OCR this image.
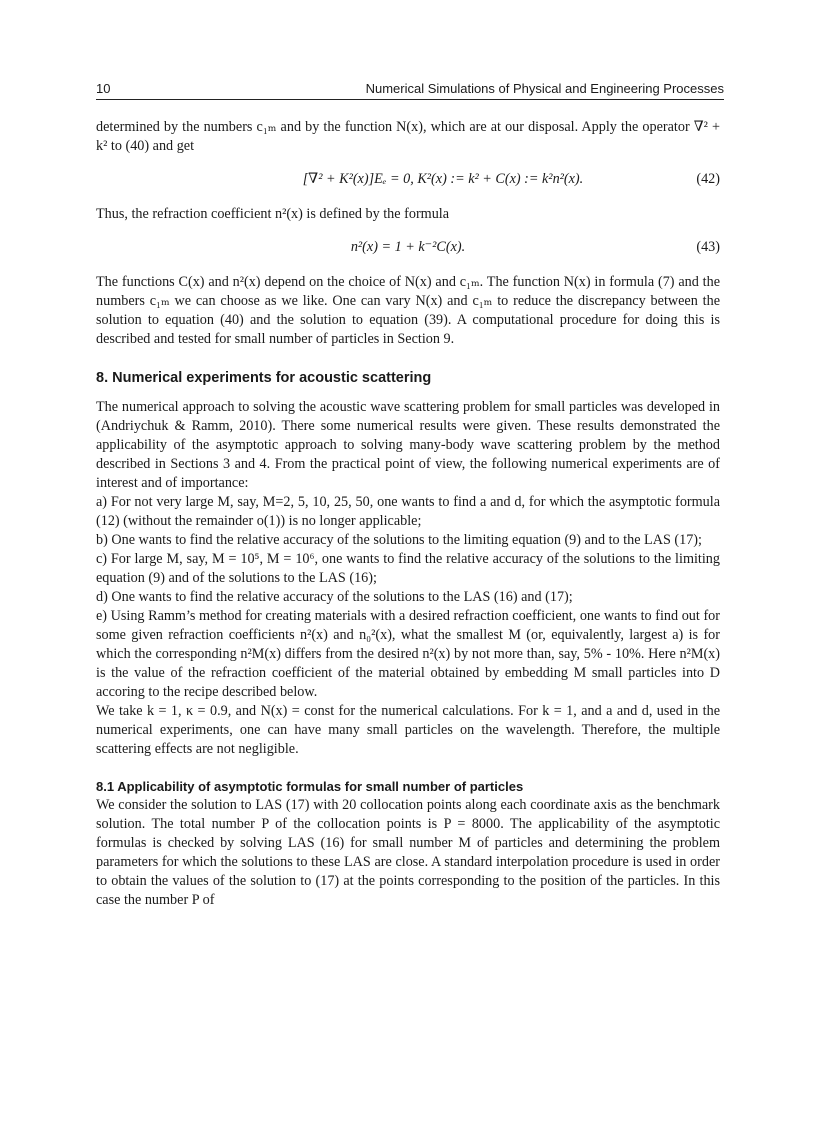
10	Numerical Simulations of Physical and Engineering Processes

determined by the numbers c₁ₘ and by the function N(x), which are at our disposal. Apply the operator ∇² + k² to (40) and get

[∇² + K²(x)]Eₑ = 0, K²(x) := k² + C(x) := k²n²(x).	(42)

Thus, the refraction coefficient n²(x) is defined by the formula

n²(x) = 1 + k⁻²C(x).	(43)

The functions C(x) and n²(x) depend on the choice of N(x) and c₁ₘ. The function N(x) in formula (7) and the numbers c₁ₘ we can choose as we like. One can vary N(x) and c₁ₘ to reduce the discrepancy between the solution to equation (40) and the solution to equation (39). A computational procedure for doing this is described and tested for small number of particles in Section 9.

8. Numerical experiments for acoustic scattering

The numerical approach to solving the acoustic wave scattering problem for small particles was developed in (Andriychuk & Ramm, 2010). There some numerical results were given. These results demonstrated the applicability of the asymptotic approach to solving many-body wave scattering problem by the method described in Sections 3 and 4. From the practical point of view, the following numerical experiments are of interest and of importance:

a) For not very large M, say, M=2, 5, 10, 25, 50, one wants to find a and d, for which the asymptotic formula (12) (without the remainder o(1)) is no longer applicable;

b) One wants to find the relative accuracy of the solutions to the limiting equation (9) and to the LAS (17);

c) For large M, say, M = 10⁵, M = 10⁶, one wants to find the relative accuracy of the solutions to the limiting equation (9) and of the solutions to the LAS (16);

d) One wants to find the relative accuracy of the solutions to the LAS (16) and (17);

e) Using Ramm’s method for creating materials with a desired refraction coefficient, one wants to find out for some given refraction coefficients n²(x) and n₀²(x), what the smallest M (or, equivalently, largest a) is for which the corresponding n²M(x) differs from the desired n²(x) by not more than, say, 5% - 10%. Here n²M(x) is the value of the refraction coefficient of the material obtained by embedding M small particles into D accoring to the recipe described below.

We take k = 1, κ = 0.9, and N(x) = const for the numerical calculations. For k = 1, and a and d, used in the numerical experiments, one can have many small particles on the wavelength. Therefore, the multiple scattering effects are not negligible.

8.1 Applicability of asymptotic formulas for small number of particles

We consider the solution to LAS (17) with 20 collocation points along each coordinate axis as the benchmark solution. The total number P of the collocation points is P = 8000. The applicability of the asymptotic formulas is checked by solving LAS (16) for small number M of particles and determining the problem parameters for which the solutions to these LAS are close. A standard interpolation procedure is used in order to obtain the values of the solution to (17) at the points corresponding to the position of the particles. In this case the number P of
